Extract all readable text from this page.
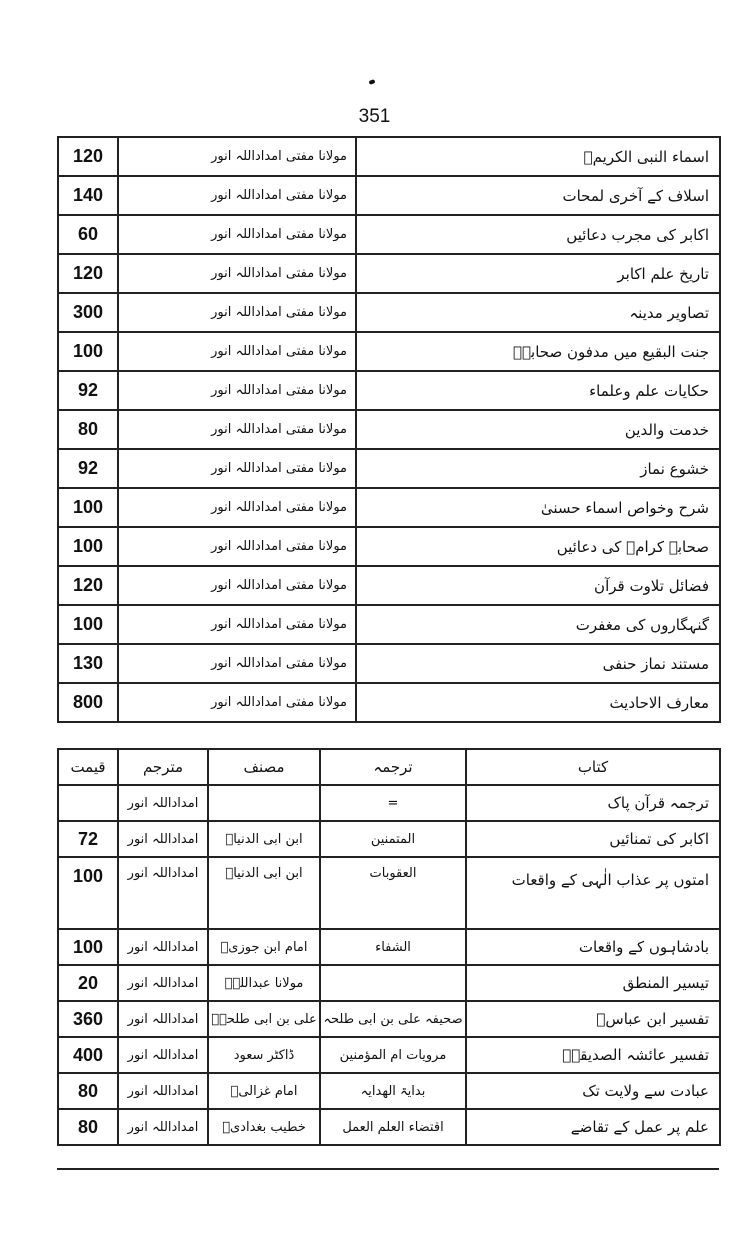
351
120	مولانا مفتی امداداللہ انور	اسماء النبی الکریمؐ
140	مولانا مفتی امداداللہ انور	اسلاف کے آخری لمحات
60	مولانا مفتی امداداللہ انور	اکابر کی مجرب دعائیں
120	مولانا مفتی امداداللہ انور	تاریخ علم اکابر
300	مولانا مفتی امداداللہ انور	تصاویر مدینہ
100	مولانا مفتی امداداللہ انور	جنت البقیع میں مدفون صحابہؓ
92	مولانا مفتی امداداللہ انور	حکایات علم وعلماء
80	مولانا مفتی امداداللہ انور	خدمت والدین
92	مولانا مفتی امداداللہ انور	خشوع نماز
100	مولانا مفتی امداداللہ انور	شرح وخواص اسماء حسنیٰ
100	مولانا مفتی امداداللہ انور	صحابہ کرامؓ کی دعائیں
120	مولانا مفتی امداداللہ انور	فضائل تلاوت قرآن
100	مولانا مفتی امداداللہ انور	گنہگاروں کی مغفرت
130	مولانا مفتی امداداللہ انور	مستند نماز حنفی
800	مولانا مفتی امداداللہ انور	معارف الاحادیث
قیمت	مترجم	مصنف	ترجمہ	کتاب
	امداداللہ انور		=	ترجمہ قرآن پاک
72	امداداللہ انور	ابن ابی الدنیاؒ	المتمنین	اکابر کی تمنائیں
100	امداداللہ انور	ابن ابی الدنیاؒ	العقوبات	امتوں پر عذاب الٰہی کے واقعات
100	امداداللہ انور	امام ابن جوزیؒ	الشفاء	بادشاہوں کے واقعات
20	امداداللہ انور	مولانا عبداللہؒ		تیسیر المنطق
360	امداداللہ انور	علی بن ابی طلحہؒ	صحیفہ علی بن ابی طلحہ	تفسیر ابن عباسؓ
400	امداداللہ انور	ڈاکٹر سعود	مرویات ام المؤمنین	تفسیر عائشہ الصدیقہؓ
80	امداداللہ انور	امام غزالیؒ	بدایۃ الھدایہ	عبادت سے ولایت تک
80	امداداللہ انور	خطیب بغدادیؒ	اقتضاء العلم العمل	علم پر عمل کے تقاضے
